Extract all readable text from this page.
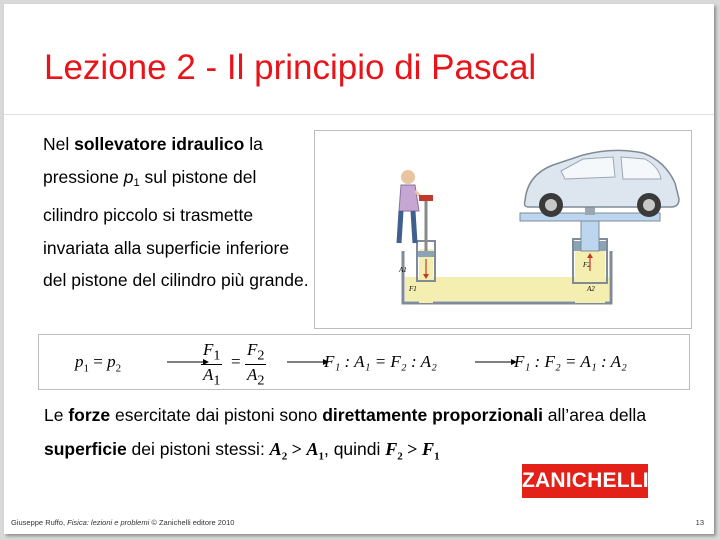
Lezione 2 - Il principio di Pascal
Nel sollevatore idraulico la pressione $p_1$ sul pistone del cilindro piccolo si trasmette invariata alla superficie inferiore del pistone del cilindro più grande.
A1
F1
F2
A2
$p_1 = p_2$	$\frac{F_1}{A_1} = \frac{F_2}{A_2}$	F₁ : A₁ = F₂ : A₂	F₁ : F₂ = A₁ : A₂
Le forze esercitate dai pistoni sono direttamente proporzionali all’area della superficie dei pistoni stessi: $A_2 > A_1$, quindi $F_2 > F_1$
ZANICHELLI
Giuseppe Ruffo, Fisica: lezioni e problemi © Zanichelli editore 2010	13
